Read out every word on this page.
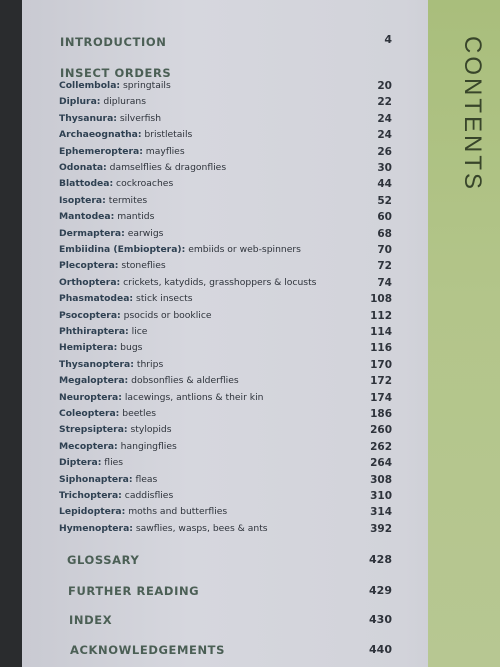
CONTENTS
INTRODUCTION	4
INSECT ORDERS
Collembola: springtails	20
Diplura: diplurans	22
Thysanura: silverfish	24
Archaeognatha: bristletails	24
Ephemeroptera: mayflies	26
Odonata: damselflies & dragonflies	30
Blattodea: cockroaches	44
Isoptera: termites	52
Mantodea: mantids	60
Dermaptera: earwigs	68
Embiidina (Embioptera): embiids or web-spinners	70
Plecoptera: stoneflies	72
Orthoptera: crickets, katydids, grasshoppers & locusts	74
Phasmatodea: stick insects	108
Psocoptera: psocids or booklice	112
Phthiraptera: lice	114
Hemiptera: bugs	116
Thysanoptera: thrips	170
Megaloptera: dobsonflies & alderflies	172
Neuroptera: lacewings, antlions & their kin	174
Coleoptera: beetles	186
Strepsiptera: stylopids	260
Mecoptera: hangingflies	262
Diptera: flies	264
Siphonaptera: fleas	308
Trichoptera: caddisflies	310
Lepidoptera: moths and butterflies	314
Hymenoptera: sawflies, wasps, bees & ants	392
GLOSSARY	428
FURTHER READING	429
INDEX	430
ACKNOWLEDGEMENTS	440
